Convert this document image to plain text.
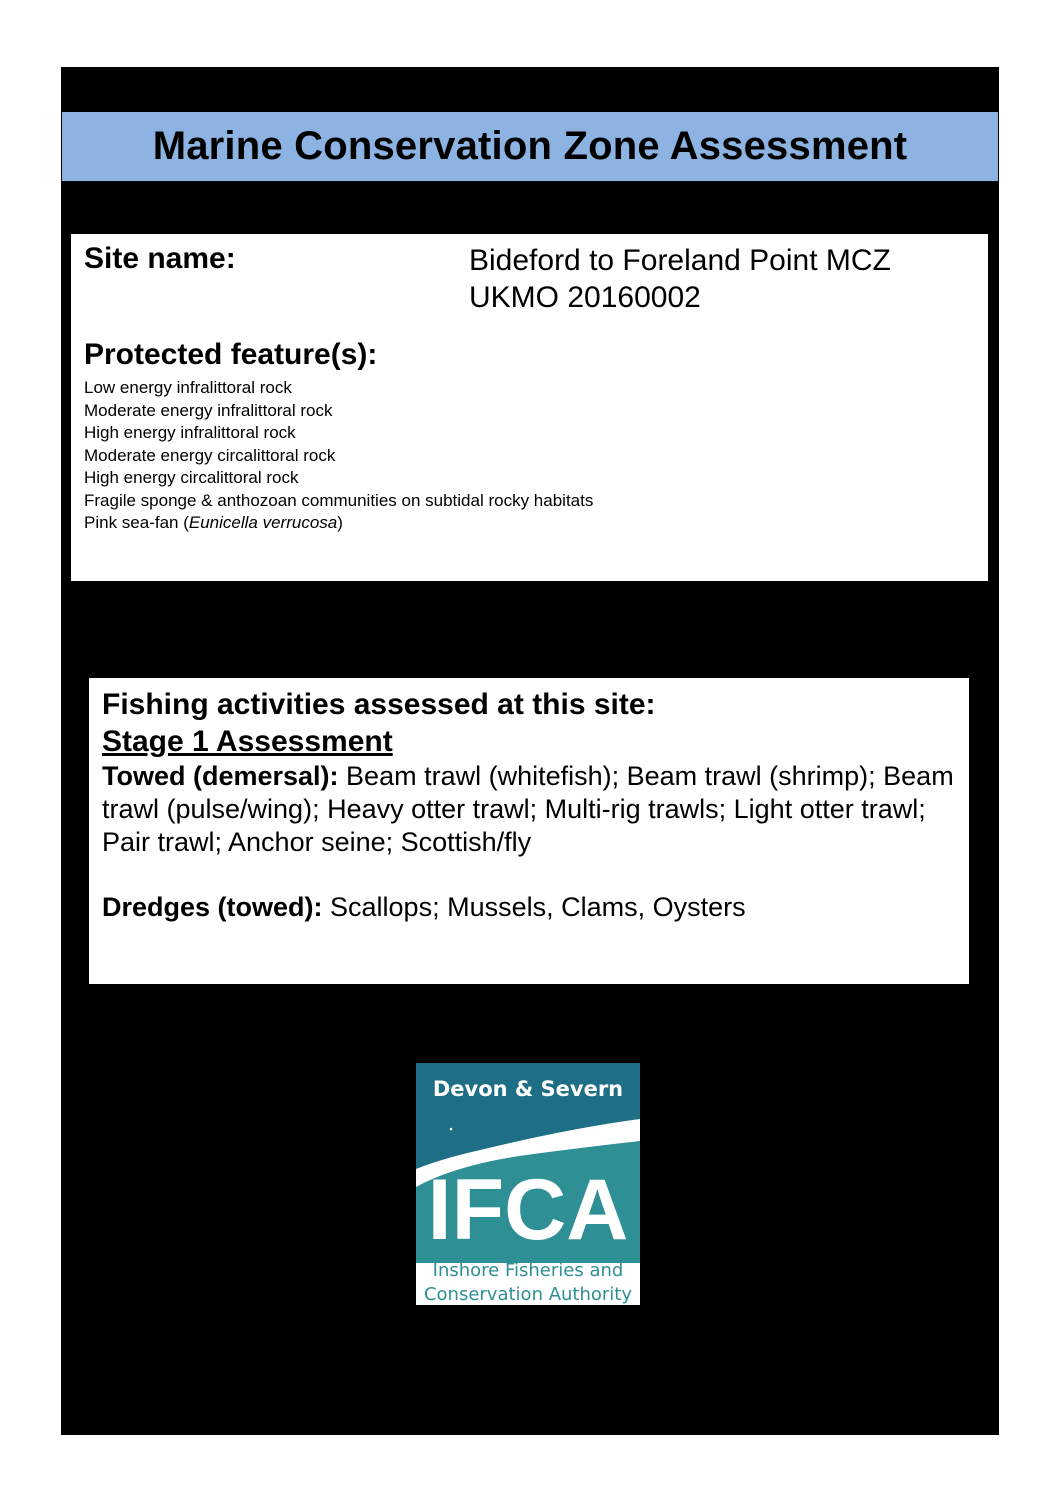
Marine Conservation Zone Assessment
Site name:	Bideford to Foreland Point MCZ
UKMO 20160002
Protected feature(s):
Low energy infralittoral rock
Moderate energy infralittoral rock
High energy infralittoral rock
Moderate energy circalittoral rock
High energy circalittoral rock
Fragile sponge & anthozoan communities on subtidal rocky habitats
Pink sea-fan (Eunicella verrucosa)
Fishing activities assessed at this site:
Stage 1 Assessment

Towed (demersal): Beam trawl (whitefish); Beam trawl (shrimp); Beam trawl (pulse/wing); Heavy otter trawl; Multi-rig trawls; Light otter trawl; Pair trawl; Anchor seine; Scottish/fly

Dredges (towed): Scallops; Mussels, Clams, Oysters

Devon & Severn
IFCA
Inshore Fisheries and
Conservation Authority
